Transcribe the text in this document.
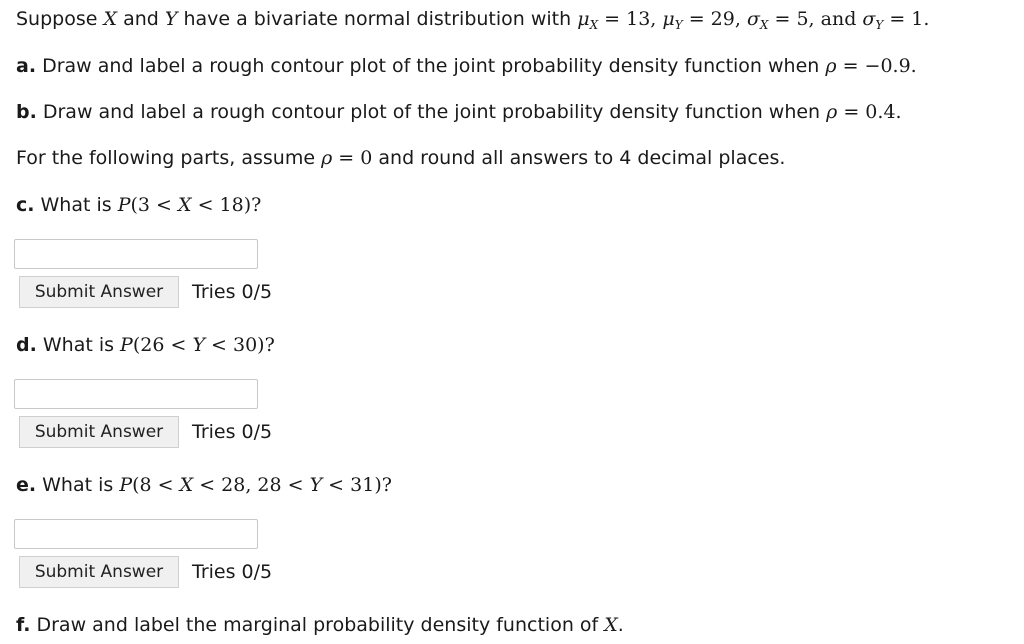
Suppose X and Y have a bivariate normal distribution with $\mu_X = 13$, $\mu_Y = 29$, $\sigma_X = 5$, and $\sigma_Y = 1$.
a. Draw and label a rough contour plot of the joint probability density function when ρ = −0.9.
b. Draw and label a rough contour plot of the joint probability density function when ρ = 0.4.
For the following parts, assume ρ = 0 and round all answers to 4 decimal places.
c. What is P(3 < X < 18)?
Submit Answer	Tries 0/5
d. What is P(26 < Y < 30)?
Submit Answer	Tries 0/5
e. What is P(8 < X < 28, 28 < Y < 31)?
Submit Answer	Tries 0/5
f. Draw and label the marginal probability density function of X.
